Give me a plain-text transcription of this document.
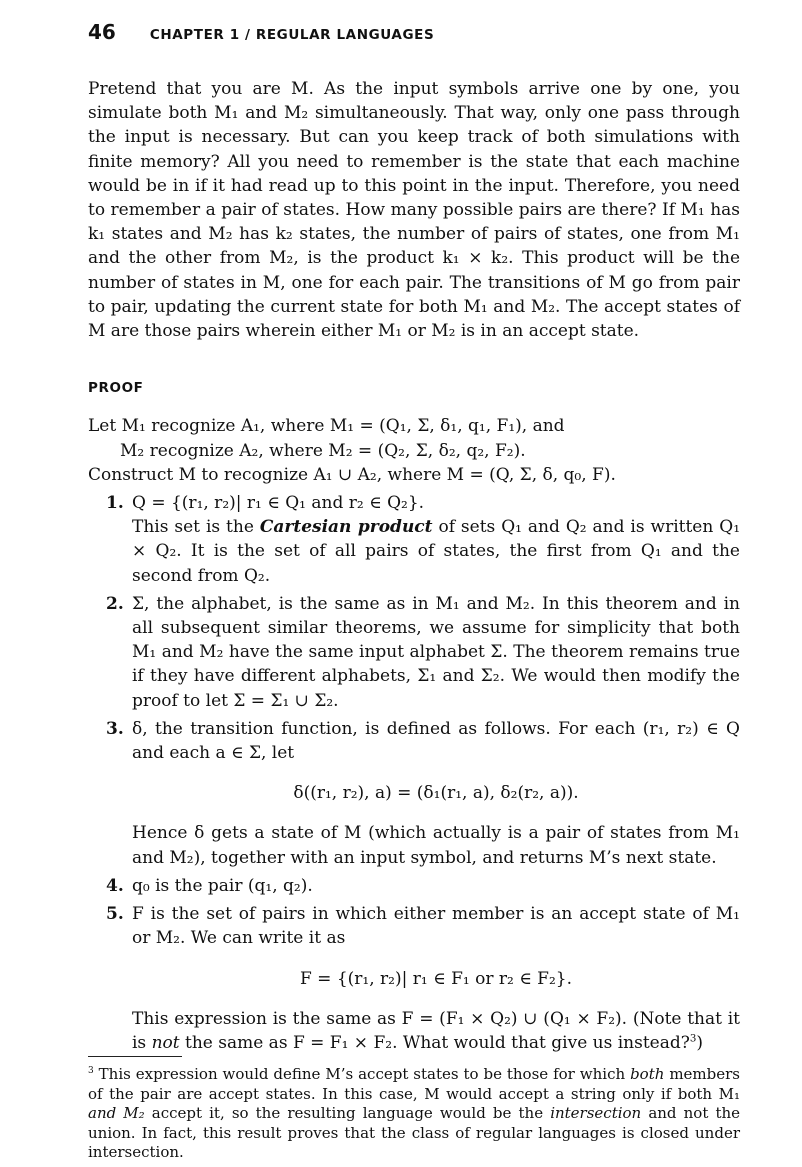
46	CHAPTER 1 / REGULAR LANGUAGES

Pretend that you are M. As the input symbols arrive one by one, you simulate both M₁ and M₂ simultaneously. That way, only one pass through the input is necessary. But can you keep track of both simulations with finite memory? All you need to remember is the state that each machine would be in if it had read up to this point in the input. Therefore, you need to remember a pair of states. How many possible pairs are there? If M₁ has k₁ states and M₂ has k₂ states, the number of pairs of states, one from M₁ and the other from M₂, is the product k₁ × k₂. This product will be the number of states in M, one for each pair. The transitions of M go from pair to pair, updating the current state for both M₁ and M₂. The accept states of M are those pairs wherein either M₁ or M₂ is in an accept state.

PROOF

Let M₁ recognize A₁, where M₁ = (Q₁, Σ, δ₁, q₁, F₁), and
M₂ recognize A₂, where M₂ = (Q₂, Σ, δ₂, q₂, F₂).

Construct M to recognize A₁ ∪ A₂, where M = (Q, Σ, δ, q₀, F).

1. Q = {(r₁, r₂)| r₁ ∈ Q₁ and r₂ ∈ Q₂}.
This set is the Cartesian product of sets Q₁ and Q₂ and is written Q₁ × Q₂. It is the set of all pairs of states, the first from Q₁ and the second from Q₂.
2. Σ, the alphabet, is the same as in M₁ and M₂. In this theorem and in all subsequent similar theorems, we assume for simplicity that both M₁ and M₂ have the same input alphabet Σ. The theorem remains true if they have different alphabets, Σ₁ and Σ₂. We would then modify the proof to let Σ = Σ₁ ∪ Σ₂.
3. δ, the transition function, is defined as follows. For each (r₁, r₂) ∈ Q and each a ∈ Σ, let
δ((r₁, r₂), a) = (δ₁(r₁, a), δ₂(r₂, a)).
Hence δ gets a state of M (which actually is a pair of states from M₁ and M₂), together with an input symbol, and returns M’s next state.
4. q₀ is the pair (q₁, q₂).
5. F is the set of pairs in which either member is an accept state of M₁ or M₂. We can write it as
F = {(r₁, r₂)| r₁ ∈ F₁ or r₂ ∈ F₂}.
This expression is the same as F = (F₁ × Q₂) ∪ (Q₁ × F₂). (Note that it is not the same as F = F₁ × F₂. What would that give us instead?$^3$)
$^3$ This expression would define M’s accept states to be those for which both members of the pair are accept states. In this case, M would accept a string only if both M₁ and M₂ accept it, so the resulting language would be the intersection and not the union. In fact, this result proves that the class of regular languages is closed under intersection.
